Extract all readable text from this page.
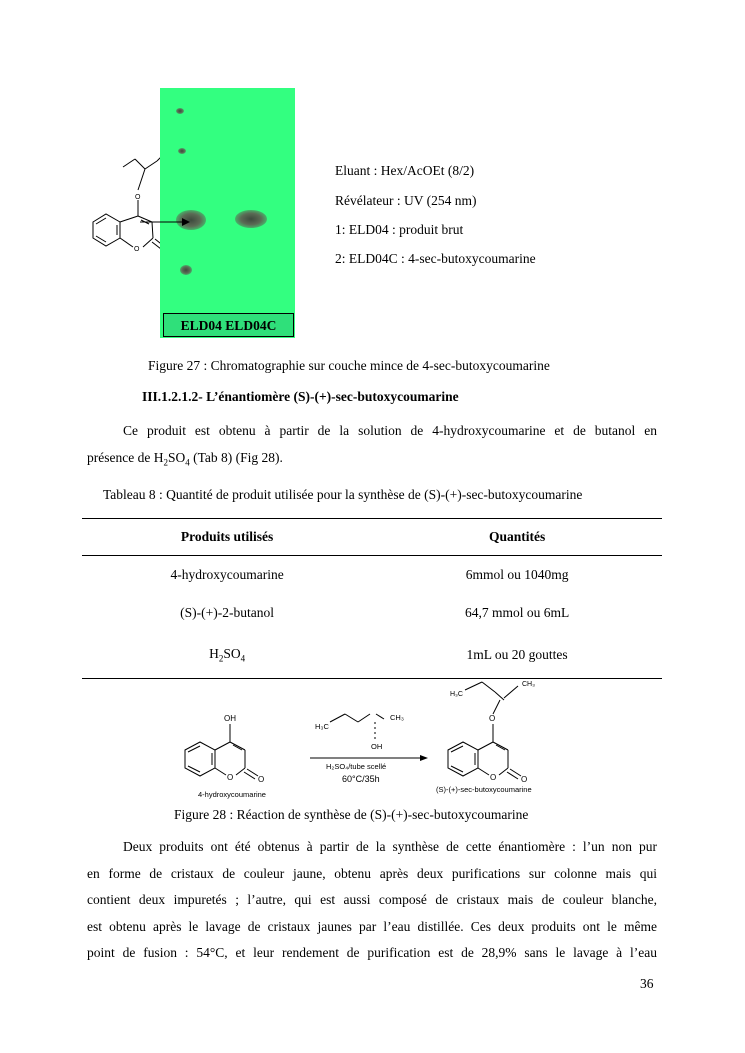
O
O
ELD04 ELD04C
Eluant : Hex/AcOEt (8/2)
Révélateur : UV (254 nm)
1: ELD04 : produit brut
2: ELD04C : 4-sec-butoxycoumarine
Figure 27 : Chromatographie sur couche mince de 4-sec-butoxycoumarine
III.1.2.1.2- L’énantiomère (S)-(+)-sec-butoxycoumarine
Ce produit est obtenu à partir de la solution de 4-hydroxycoumarine et de butanol en
présence de $H_2SO_4$ (Tab 8) (Fig 28).
Tableau 8 : Quantité de produit utilisée pour la synthèse de (S)-(+)-sec-butoxycoumarine
Produits utilisés	Quantités
4-hydroxycoumarine	6mmol ou 1040mg
(S)-(+)-2-butanol	64,7 mmol ou 6mL
$H_2SO_4$	1mL ou 20 gouttes
OH
O	O
4-hydroxycoumarine
H₃C
CH₃
OH
H₂SO₄/tube scellé
60°C/35h
O
H₃C
CH₃
O	O
(S)-(+)-sec-butoxycoumarine
Figure 28 : Réaction de synthèse de (S)-(+)-sec-butoxycoumarine
Deux produits ont été obtenus à partir de la synthèse de cette énantiomère : l’un non pur
en forme de cristaux de couleur jaune, obtenu après deux purifications sur colonne mais qui
contient deux impuretés ; l’autre, qui est aussi composé de cristaux mais de couleur blanche,
est obtenu après le lavage de cristaux jaunes par l’eau distillée. Ces deux produits ont le même
point de fusion : 54°C, et leur rendement de purification est de 28,9% sans le lavage à l’eau
36
